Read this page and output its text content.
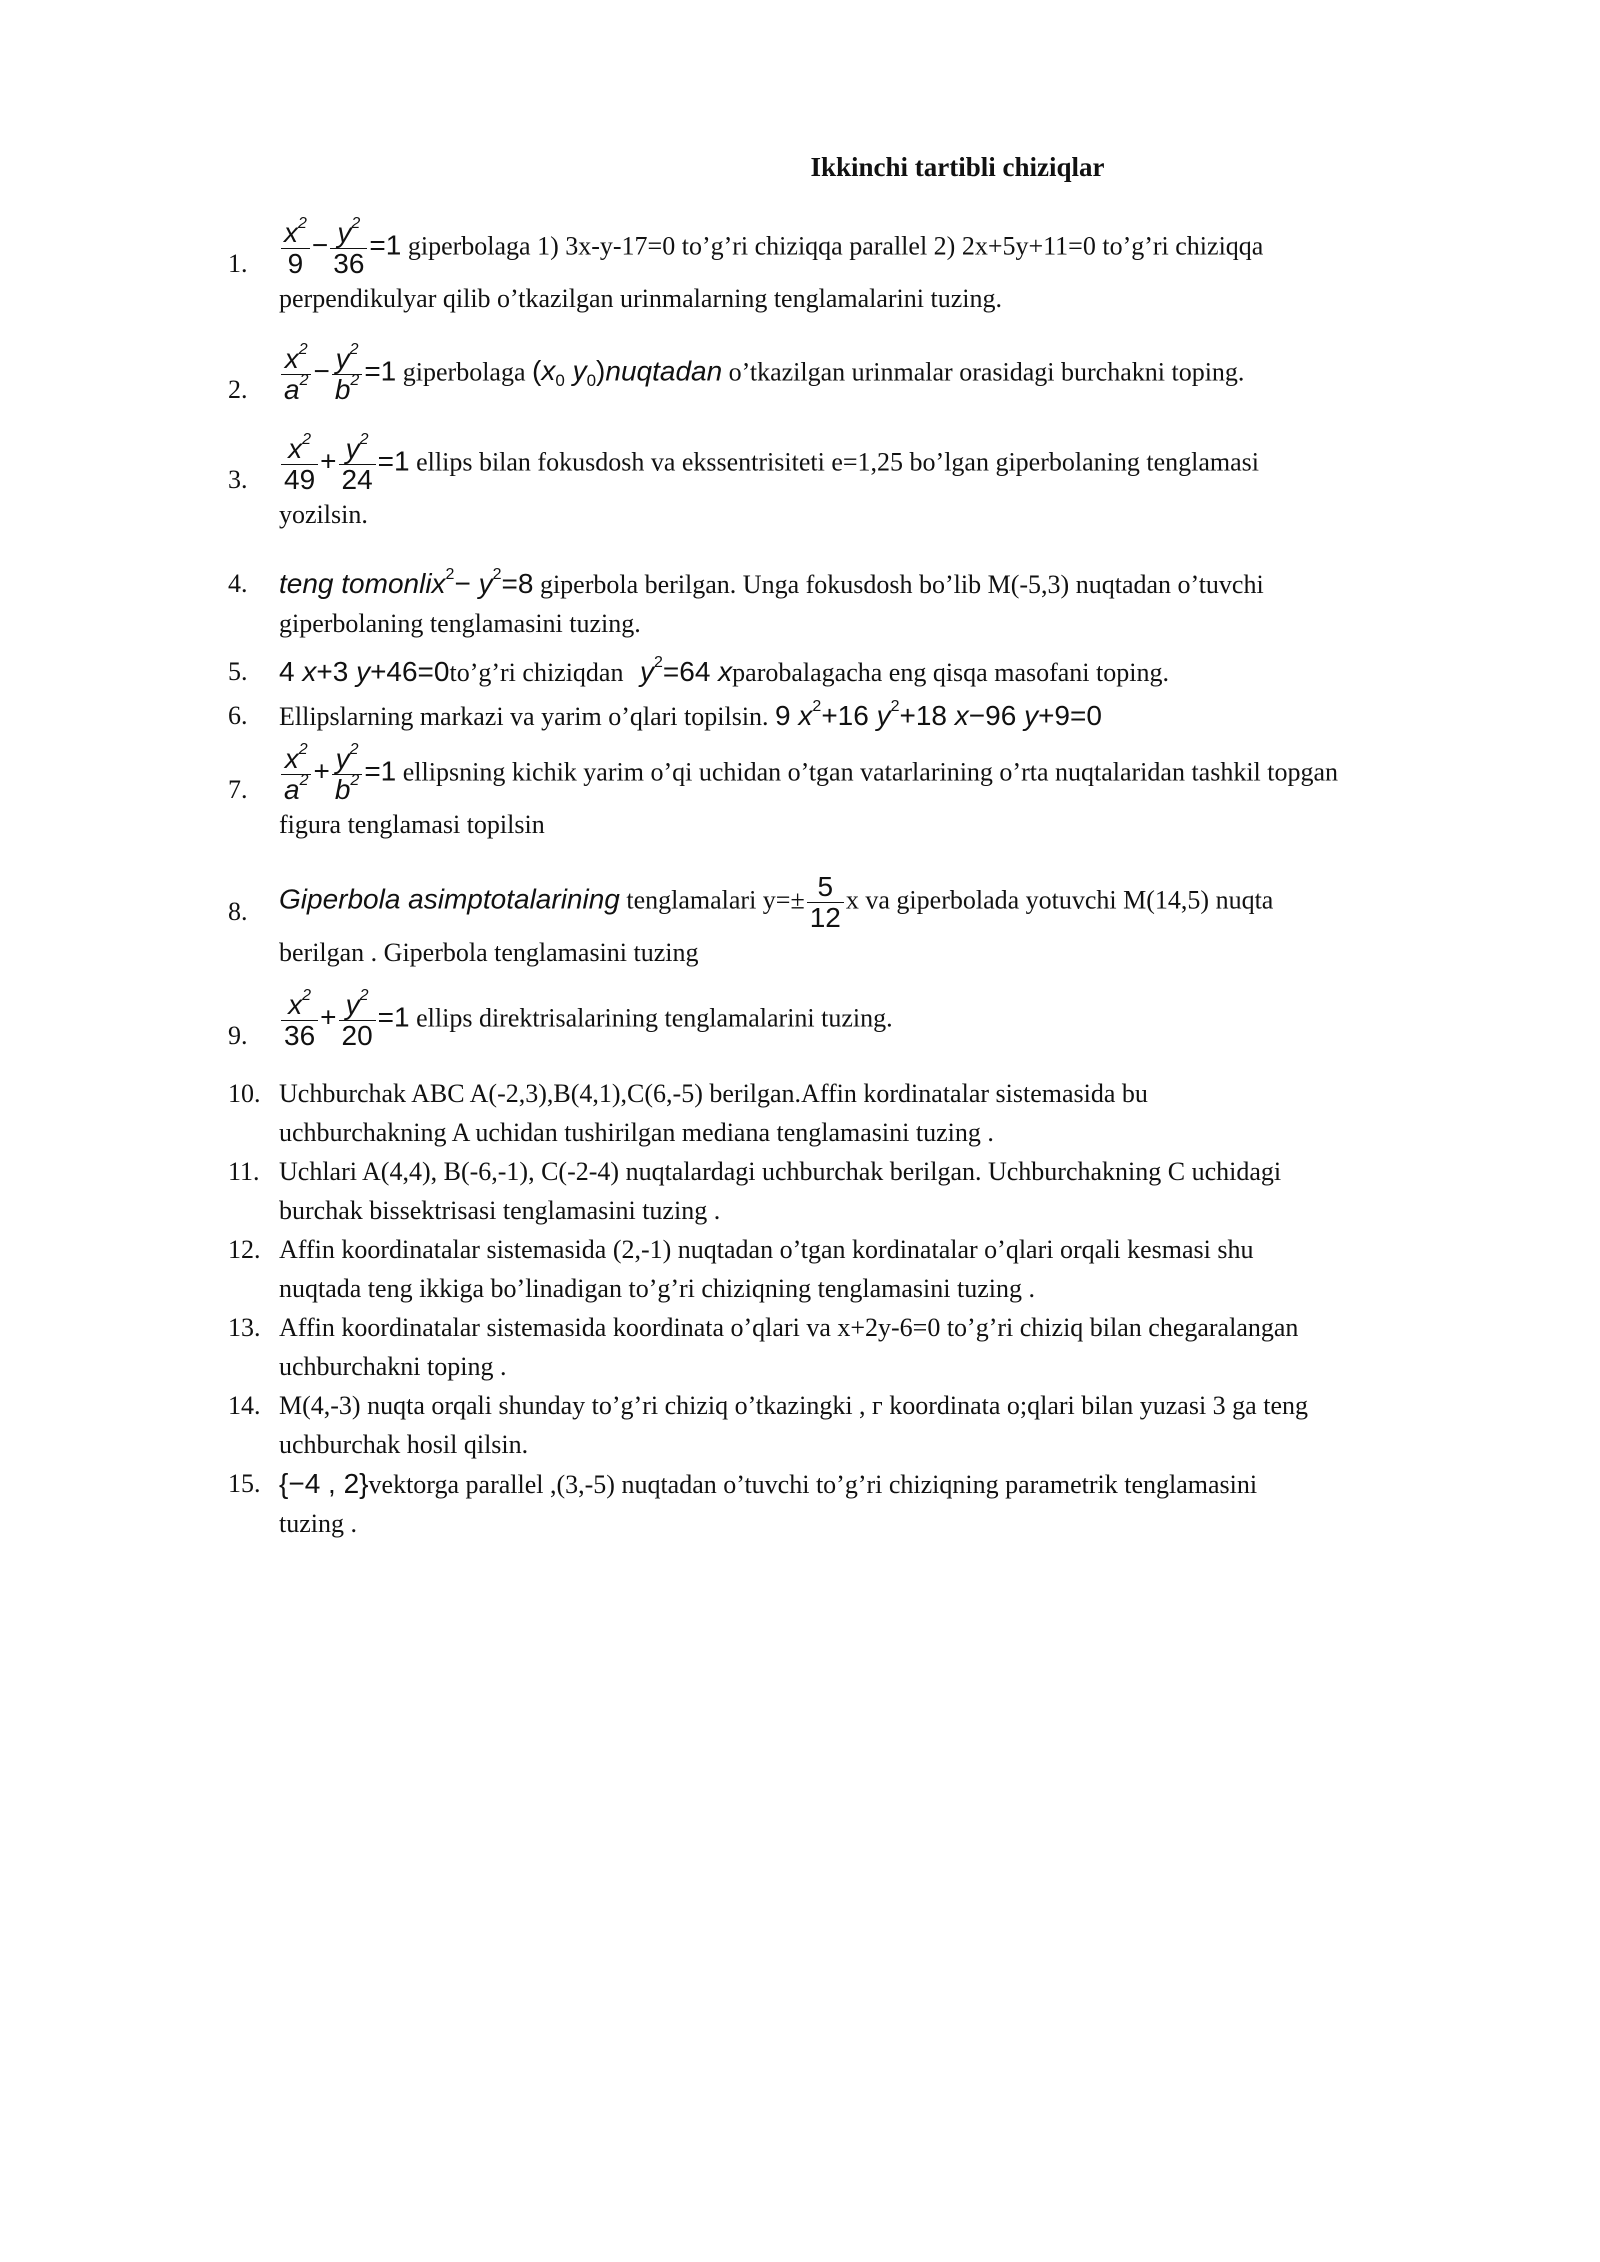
Ikkinchi tartibli chiziqlar
1.	$\frac{x^2}{9} - \frac{y^2}{36} =1$ giperbolaga 1) 3x-y-17=0 to’g’ri chiziqqa parallel 2) 2x+5y+11=0 to’g’ri chiziqqa
perpendikulyar qilib o’tkazilgan urinmalarning tenglamalarini tuzing.
2.	$\frac{x^2}{a^2} - \frac{y^2}{b^2} =1$ giperbolaga ($x_0$ $y_0)nuqtadan$ o’tkazilgan urinmalar orasidagi burchakni toping.
3.	$\frac{x^2}{49} + \frac{y^2}{24} =1$ ellips bilan fokusdosh va ekssentrisiteti e=1,25 bo’lgan giperbolaning tenglamasi
yozilsin.
4.	teng tomonlix$^2$− $y^2=8$ giperbola berilgan. Unga fokusdosh bo’lib M(-5,3) nuqtadan o’tuvchi
giperbolaning tenglamasini tuzing.
5.	4 x+3 y+46=0to’g’ri chiziqdan $y^2=64$ xparobalagacha eng qisqa masofani toping.
6.	Ellipslarning markazi va yarim o’qlari topilsin. 9 $x^2+16$ $y^2+18$ x−96 y+9=0
7.	$\frac{x^2}{a^2} + \frac{y^2}{b^2} =1$ ellipsning kichik yarim o’qi uchidan o’tgan vatarlarining o’rta nuqtalaridan tashkil topgan
figura tenglamasi topilsin
8.	Giperbola asimptotalarining tenglamalari $y=\pm \frac{5}{12}$ x va giperbolada yotuvchi M(14,5) nuqta
berilgan . Giperbola tenglamasini tuzing
9.	$\frac{x^2}{36} + \frac{y^2}{20} =1$ ellips direktrisalarining tenglamalarini tuzing.
10. Uchburchak ABC A(-2,3),B(4,1),C(6,-5) berilgan.Affin kordinatalar sistemasida bu
uchburchakning A uchidan tushirilgan mediana tenglamasini tuzing .
11. Uchlari A(4,4), B(-6,-1), C(-2-4) nuqtalardagi uchburchak berilgan. Uchburchakning C uchidagi
burchak bissektrisasi tenglamasini tuzing .
12. Affin koordinatalar sistemasida (2,-1) nuqtadan o’tgan kordinatalar o’qlari orqali kesmasi shu
nuqtada teng ikkiga bo’linadigan to’g’ri chiziqning tenglamasini tuzing .
13. Affin koordinatalar sistemasida koordinata o’qlari va x+2y-6=0 to’g’ri chiziq bilan chegaralangan
uchburchakni toping .
14. M(4,-3) nuqta orqali shunday to’g’ri chiziq o’tkazingki , г koordinata o;qlari bilan yuzasi 3 ga teng
uchburchak hosil qilsin.
15. {−4 , 2}vektorga parallel ,(3,-5) nuqtadan o’tuvchi to’g’ri chiziqning parametrik tenglamasini
tuzing .
